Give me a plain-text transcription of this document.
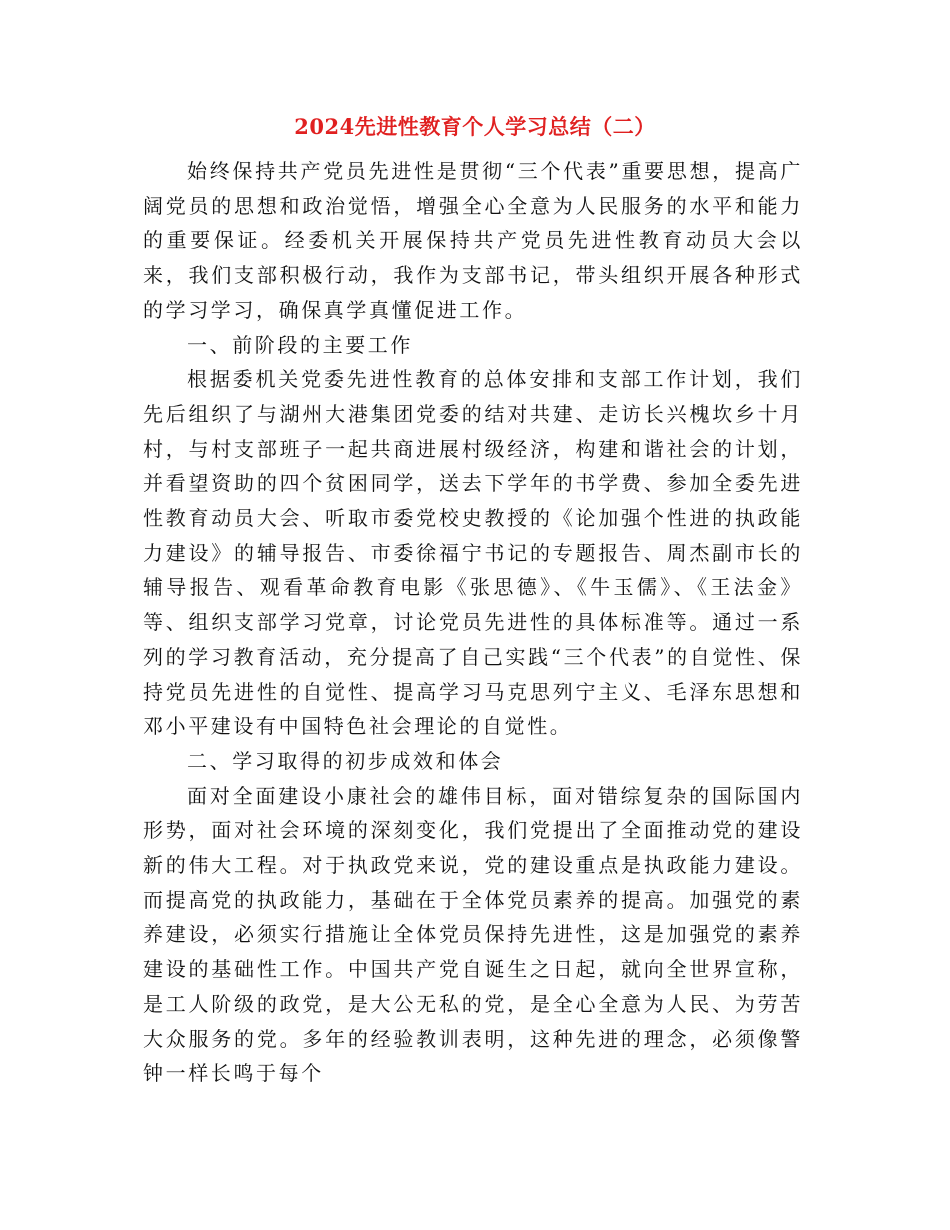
2024先进性教育个人学习总结（二）

始终保持共产党员先进性是贯彻“三个代表”重要思想，提高广阔党员的思想和政治觉悟，增强全心全意为人民服务的水平和能力的重要保证。经委机关开展保持共产党员先进性教育动员大会以来，我们支部积极行动，我作为支部书记，带头组织开展各种形式的学习学习，确保真学真懂促进工作。

一、前阶段的主要工作

根据委机关党委先进性教育的总体安排和支部工作计划，我们先后组织了与湖州大港集团党委的结对共建、走访长兴槐坎乡十月村，与村支部班子一起共商进展村级经济，构建和谐社会的计划，并看望资助的四个贫困同学，送去下学年的书学费、参加全委先进性教育动员大会、听取市委党校史教授的《论加强个性进的执政能力建设》的辅导报告、市委徐福宁书记的专题报告、周杰副市长的辅导报告、观看革命教育电影《张思德》、《牛玉儒》、《王法金》等、组织支部学习党章，讨论党员先进性的具体标准等。通过一系列的学习教育活动，充分提高了自己实践“三个代表”的自觉性、保持党员先进性的自觉性、提高学习马克思列宁主义、毛泽东思想和邓小平建设有中国特色社会理论的自觉性。

二、学习取得的初步成效和体会

面对全面建设小康社会的雄伟目标，面对错综复杂的国际国内形势，面对社会环境的深刻变化，我们党提出了全面推动党的建设新的伟大工程。对于执政党来说，党的建设重点是执政能力建设。而提高党的执政能力，基础在于全体党员素养的提高。加强党的素养建设，必须实行措施让全体党员保持先进性，这是加强党的素养建设的基础性工作。中国共产党自诞生之日起，就向全世界宣称，是工人阶级的政党，是大公无私的党，是全心全意为人民、为劳苦大众服务的党。多年的经验教训表明，这种先进的理念，必须像警钟一样长鸣于每个
